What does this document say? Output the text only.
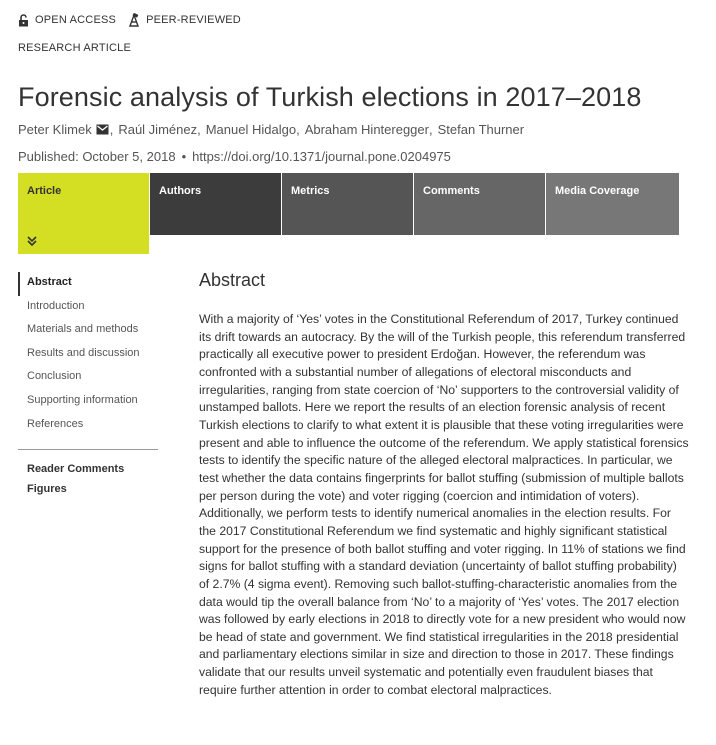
OPEN ACCESS	PEER-REVIEWED
RESEARCH ARTICLE
Forensic analysis of Turkish elections in 2017–2018
Peter Klimek , Raúl Jiménez , Manuel Hidalgo , Abraham Hinteregger , Stefan Thurner
Published: October 5, 2018 • https://doi.org/10.1371/journal.pone.0204975
Article	Authors	Metrics	Comments	Media Coverage
Abstract
Introduction
Materials and methods
Results and discussion
Conclusion
Supporting information
References
Reader Comments
Figures
Abstract

With a majority of ‘Yes’ votes in the Constitutional Referendum of 2017, Turkey continued its drift towards an autocracy. By the will of the Turkish people, this referendum transferred practically all executive power to president Erdoğan. However, the referendum was confronted with a substantial number of allegations of electoral misconducts and irregularities, ranging from state coercion of ‘No’ supporters to the controversial validity of unstamped ballots. Here we report the results of an election forensic analysis of recent Turkish elections to clarify to what extent it is plausible that these voting irregularities were present and able to influence the outcome of the referendum. We apply statistical forensics tests to identify the specific nature of the alleged electoral malpractices. In particular, we test whether the data contains fingerprints for ballot stuffing (submission of multiple ballots per person during the vote) and voter rigging (coercion and intimidation of voters). Additionally, we perform tests to identify numerical anomalies in the election results. For the 2017 Constitutional Referendum we find systematic and highly significant statistical support for the presence of both ballot stuffing and voter rigging. In 11% of stations we find signs for ballot stuffing with a standard deviation (uncertainty of ballot stuffing probability) of 2.7% (4 sigma event). Removing such ballot-stuffing-characteristic anomalies from the data would tip the overall balance from ‘No’ to a majority of ‘Yes’ votes. The 2017 election was followed by early elections in 2018 to directly vote for a new president who would now be head of state and government. We find statistical irregularities in the 2018 presidential and parliamentary elections similar in size and direction to those in 2017. These findings validate that our results unveil systematic and potentially even fraudulent biases that require further attention in order to combat electoral malpractices.
